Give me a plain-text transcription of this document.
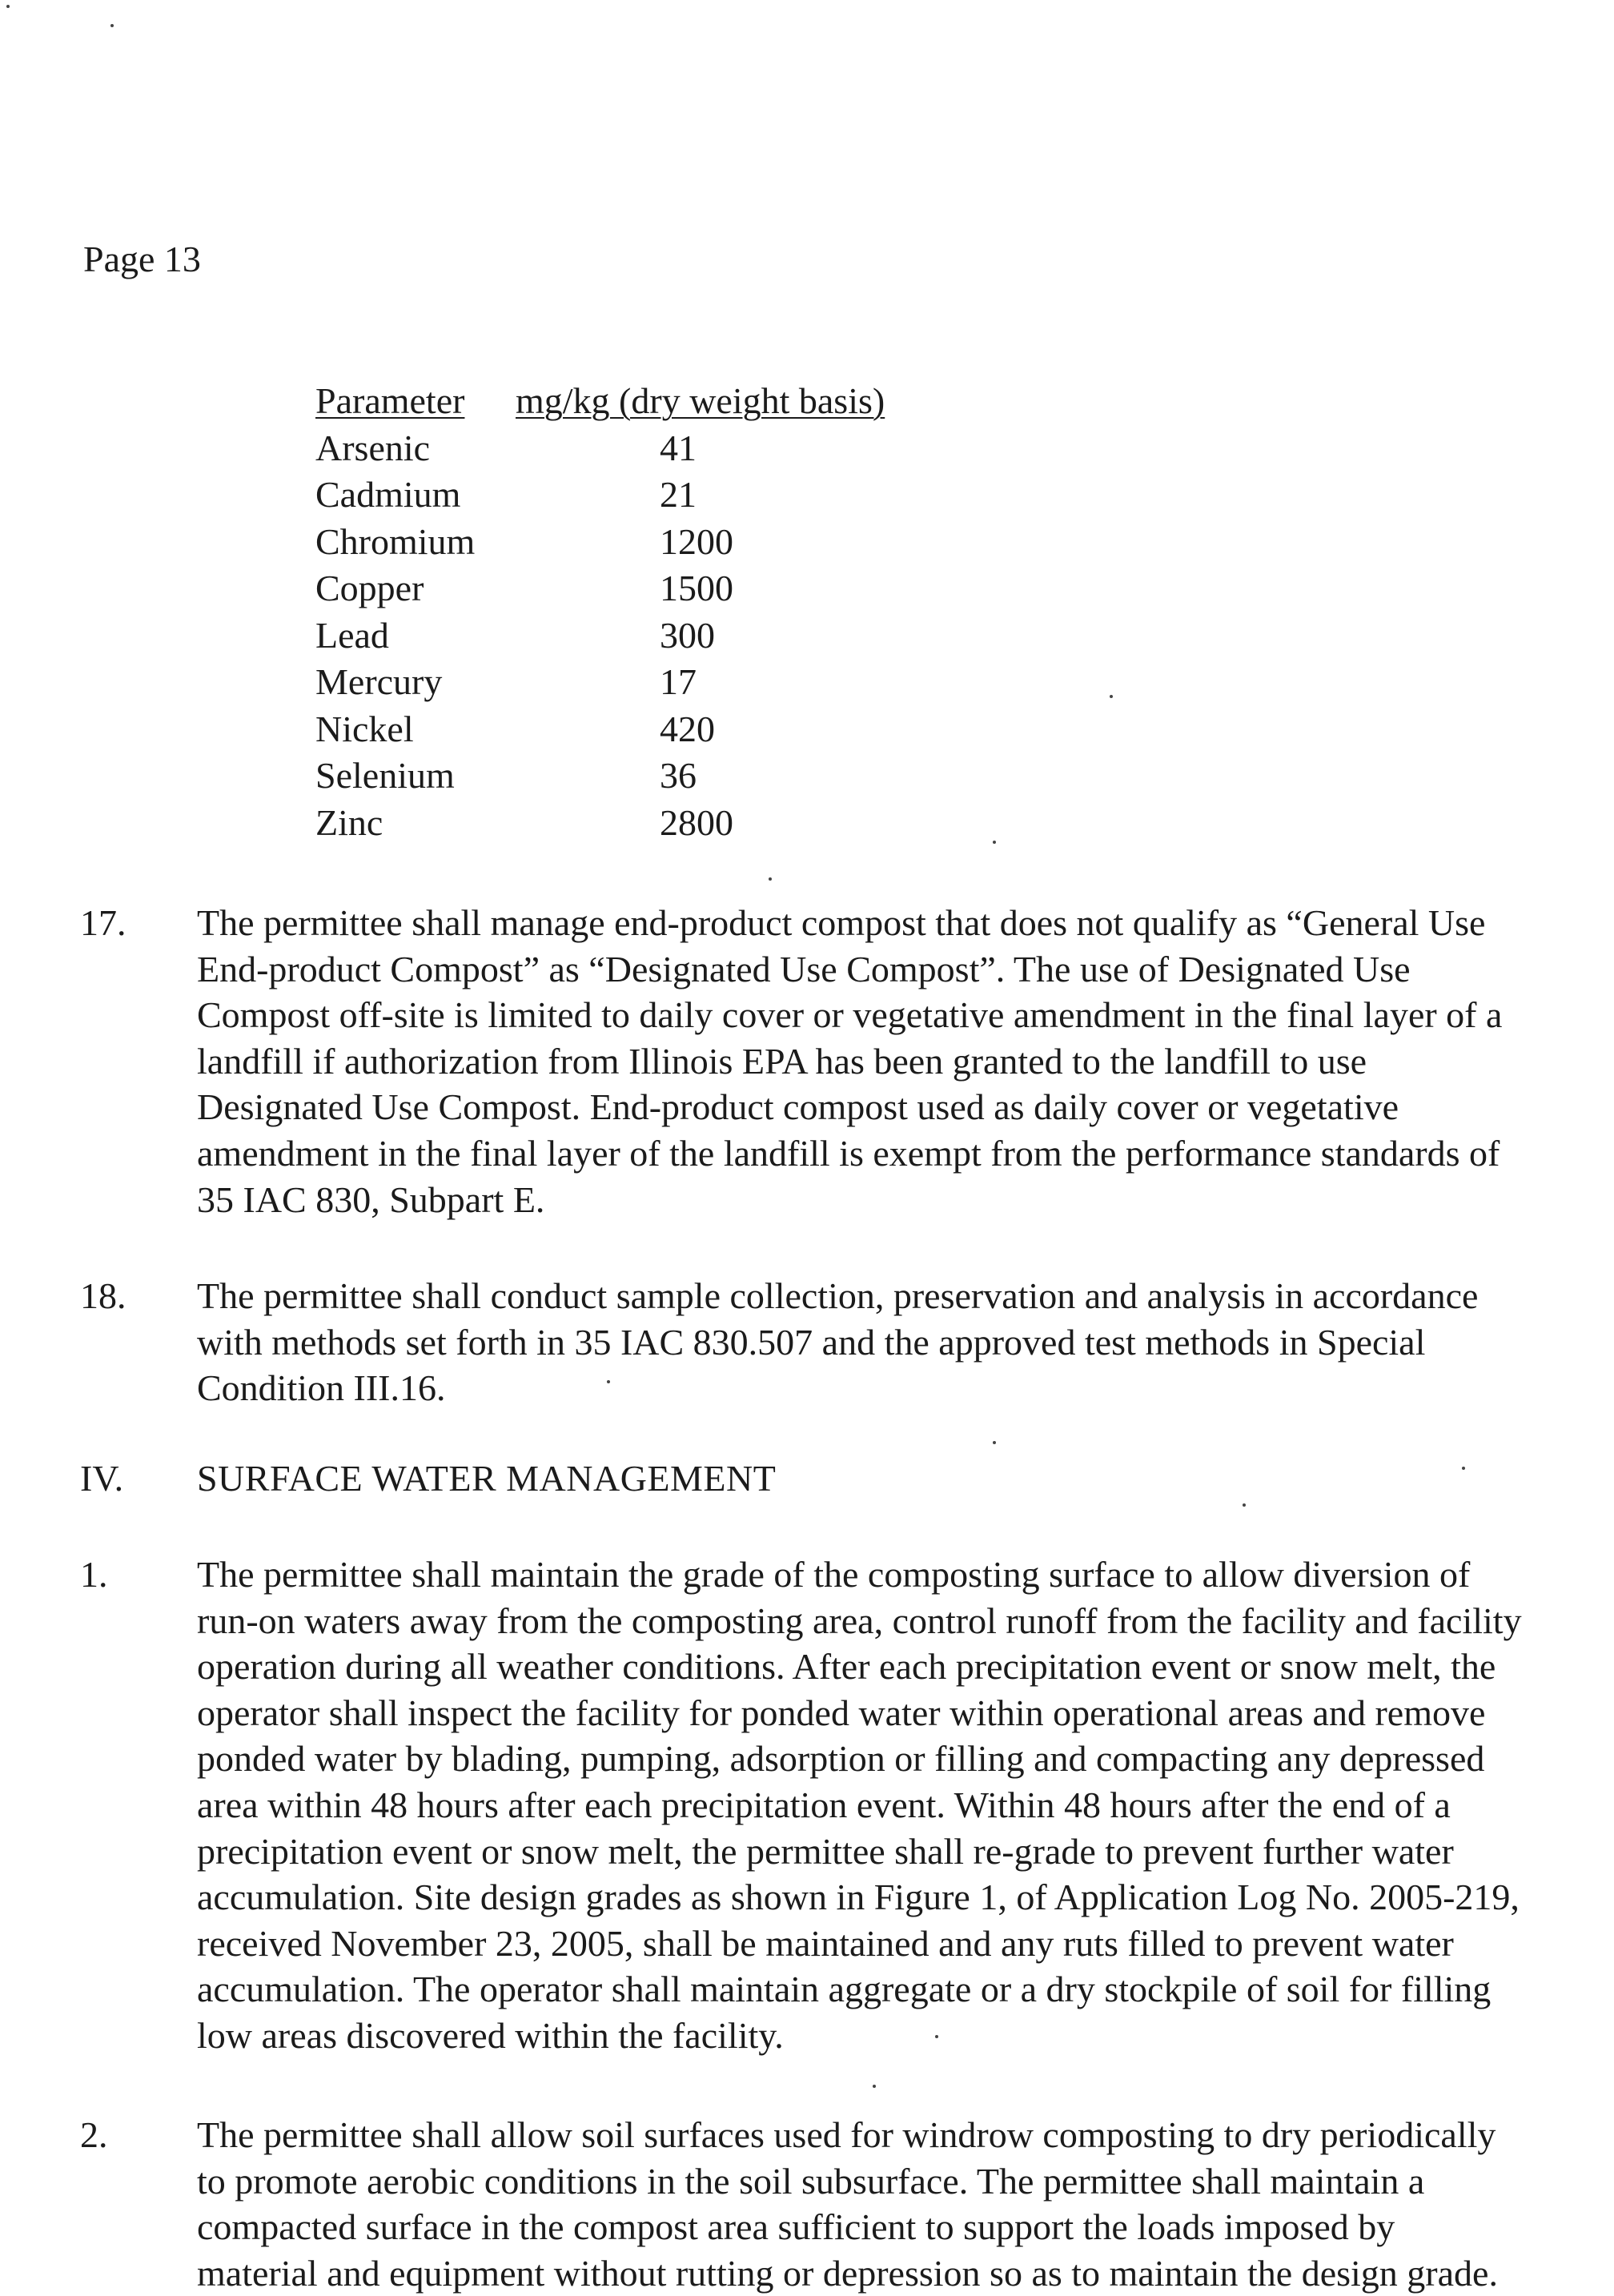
Page 13
Parameter	mg/kg (dry weight basis)
Arsenic	41
Cadmium	21
Chromium	1200
Copper	1500
Lead	300
Mercury	17
Nickel	420
Selenium	36
Zinc	2800
17. The permittee shall manage end-product compost that does not qualify as “General Use
End-product Compost” as “Designated Use Compost”. The use of Designated Use
Compost off-site is limited to daily cover or vegetative amendment in the final layer of a
landfill if authorization from Illinois EPA has been granted to the landfill to use
Designated Use Compost. End-product compost used as daily cover or vegetative
amendment in the final layer of the landfill is exempt from the performance standards of
35 IAC 830, Subpart E.
18. The permittee shall conduct sample collection, preservation and analysis in accordance
with methods set forth in 35 IAC 830.507 and the approved test methods in Special
Condition III.16.
IV. SURFACE WATER MANAGEMENT
1. The permittee shall maintain the grade of the composting surface to allow diversion of
run-on waters away from the composting area, control runoff from the facility and facility
operation during all weather conditions. After each precipitation event or snow melt, the
operator shall inspect the facility for ponded water within operational areas and remove
ponded water by blading, pumping, adsorption or filling and compacting any depressed
area within 48 hours after each precipitation event. Within 48 hours after the end of a
precipitation event or snow melt, the permittee shall re-grade to prevent further water
accumulation. Site design grades as shown in Figure 1, of Application Log No. 2005-219,
received November 23, 2005, shall be maintained and any ruts filled to prevent water
accumulation. The operator shall maintain aggregate or a dry stockpile of soil for filling
low areas discovered within the facility.
2. The permittee shall allow soil surfaces used for windrow composting to dry periodically
to promote aerobic conditions in the soil subsurface. The permittee shall maintain a
compacted surface in the compost area sufficient to support the loads imposed by
material and equipment without rutting or depression so as to maintain the design grade.
